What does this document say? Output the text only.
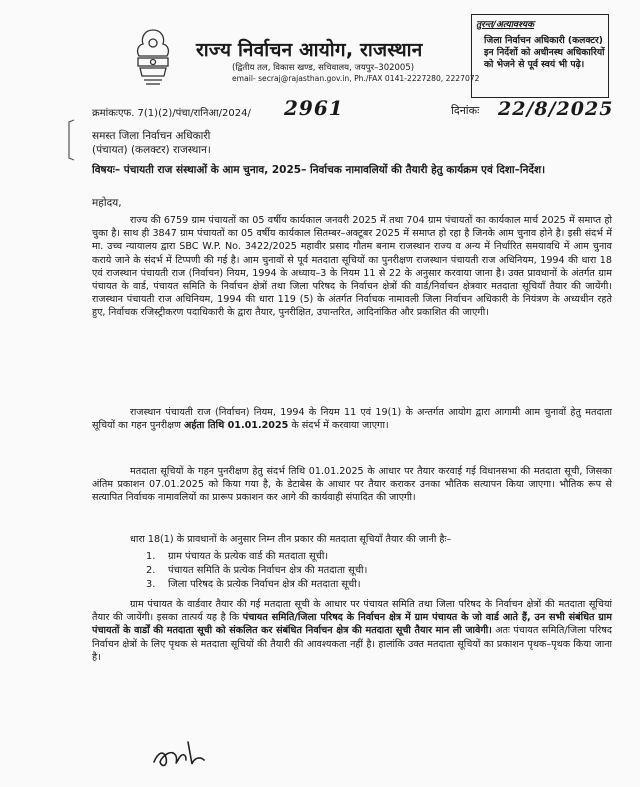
राज्य निर्वाचन आयोग, राजस्थान
(द्वितीय तल, विकास खण्ड, सचिवालय, जयपुर–302005)
email- secraj@rajasthan.gov.in, Ph./FAX 0141-2227280, 2227072
तुरन्त/अत्यावश्यक
जिला निर्वाचन अधिकारी (कलक्टर) इन निर्देशों को अधीनस्थ अधिकारियों को भेजने से पूर्व स्वयं भी पढ़े।
क्रमांकःएफ. 7(1)(2)/पंचा/रानिआ/2024/ 2961	दिनांकः 22/8/2025
समस्त जिला निर्वाचन अधिकारी
(पंचायत) (कलक्टर) राजस्थान।
विषयः– पंचायती राज संस्थाओं के आम चुनाव, 2025– निर्वाचक नामावलियों की तैयारी हेतु कार्यक्रम एवं दिशा–निर्देश।
महोदय,
राज्य की 6759 ग्राम पंचायतों का 05 वर्षीय कार्यकाल जनवरी 2025 में तथा 704 ग्राम पंचायतों का कार्यकाल मार्च 2025 में समाप्त हो चुका है। साथ ही 3847 ग्राम पंचायतों का 05 वर्षीय कार्यकाल सितम्बर–अक्टूबर 2025 में समाप्त हो रहा है जिनके आम चुनाव होने है। इसी संदर्भ में मा. उच्च न्यायालय द्वारा SBC W.P. No. 3422/2025 महावीर प्रसाद गौतम बनाम राजस्थान राज्य व अन्य में निर्धारित समयावधि में आम चुनाव कराये जाने के संदर्भ में टिप्पणी की गई है। आम चुनावों से पूर्व मतदाता सूचियों का पुनरीक्षण राजस्थान पंचायती राज अधिनियम, 1994 की धारा 18 एवं राजस्थान पंचायती राज (निर्वाचन) नियम, 1994 के अध्याय–3 के नियम 11 से 22 के अनुसार करवाया जाना है। उक्त प्रावधानों के अंतर्गत ग्राम पंचायत के वार्ड, पंचायत समिति के निर्वाचन क्षेत्रों तथा जिला परिषद के निर्वाचन क्षेत्रों की वार्ड/निर्वाचन क्षेत्रवार मतदाता सूचियाँ तैयार की जायेंगी। राजस्थान पंचायती राज अधिनियम, 1994 की धारा 119 (5) के अंतर्गत निर्वाचक नामावली जिला निर्वाचन अधिकारी के नियंत्रण के अध्यधीन रहते हुए, निर्वाचक रजिस्ट्रीकरण पदाधिकारी के द्वारा तैयार, पुनरीक्षित, उपान्तरित, आदिनांकित और प्रकाशित की जाएगी।
राजस्थान पंचायती राज (निर्वाचन) नियम, 1994 के नियम 11 एवं 19(1) के अन्तर्गत आयोग द्वारा आगामी आम चुनावों हेतु मतदाता सूचियों का गहन पुनरीक्षण अर्हता तिथि 01.01.2025 के संदर्भ में करवाया जाएगा।
मतदाता सूचियों के गहन पुनरीक्षण हेतु संदर्भ तिथि 01.01.2025 के आधार पर तैयार करवाई गई विधानसभा की मतदाता सूची, जिसका अंतिम प्रकाशन 07.01.2025 को किया गया है, के डेटाबेस के आधार पर तैयार कराकर उनका भौतिक सत्यापन किया जाएगा। भौतिक रूप से सत्यापित निर्वाचक नामावलियों का प्रारूप प्रकाशन कर आगे की कार्यवाही संपादित की जाएगी।
धारा 18(1) के प्रावधानों के अनुसार निम्न तीन प्रकार की मतदाता सूचियाँ तैयार की जानी हैः–
1. ग्राम पंचायत के प्रत्येक वार्ड की मतदाता सूची।
2. पंचायत समिति के प्रत्येक निर्वाचन क्षेत्र की मतदाता सूची।
3. जिला परिषद के प्रत्येक निर्वाचन क्षेत्र की मतदाता सूची।
ग्राम पंचायत के वार्डवार तैयार की गई मतदाता सूची के आधार पर पंचायत समिति तथा जिला परिषद के निर्वाचन क्षेत्रों की मतदाता सूचियां तैयार की जायेंगी। इसका तात्पर्य यह है कि पंचायत समिति/जिला परिषद के निर्वाचन क्षेत्र में ग्राम पंचायत के जो वार्ड आते हैं, उन सभी संबंधित ग्राम पंचायतों के वार्डों की मतदाता सूची को संकलित कर संबंधित निर्वाचन क्षेत्र की मतदाता सूची तैयार मान ली जावेगी। अतः पंचायत समिति/जिला परिषद निर्वाचन क्षेत्रों के लिए पृथक से मतदाता सूचियों की तैयारी की आवश्यकता नहीं है। हालांकि उक्त मतदाता सूचियों का प्रकाशन पृथक–पृथक किया जाना है।
